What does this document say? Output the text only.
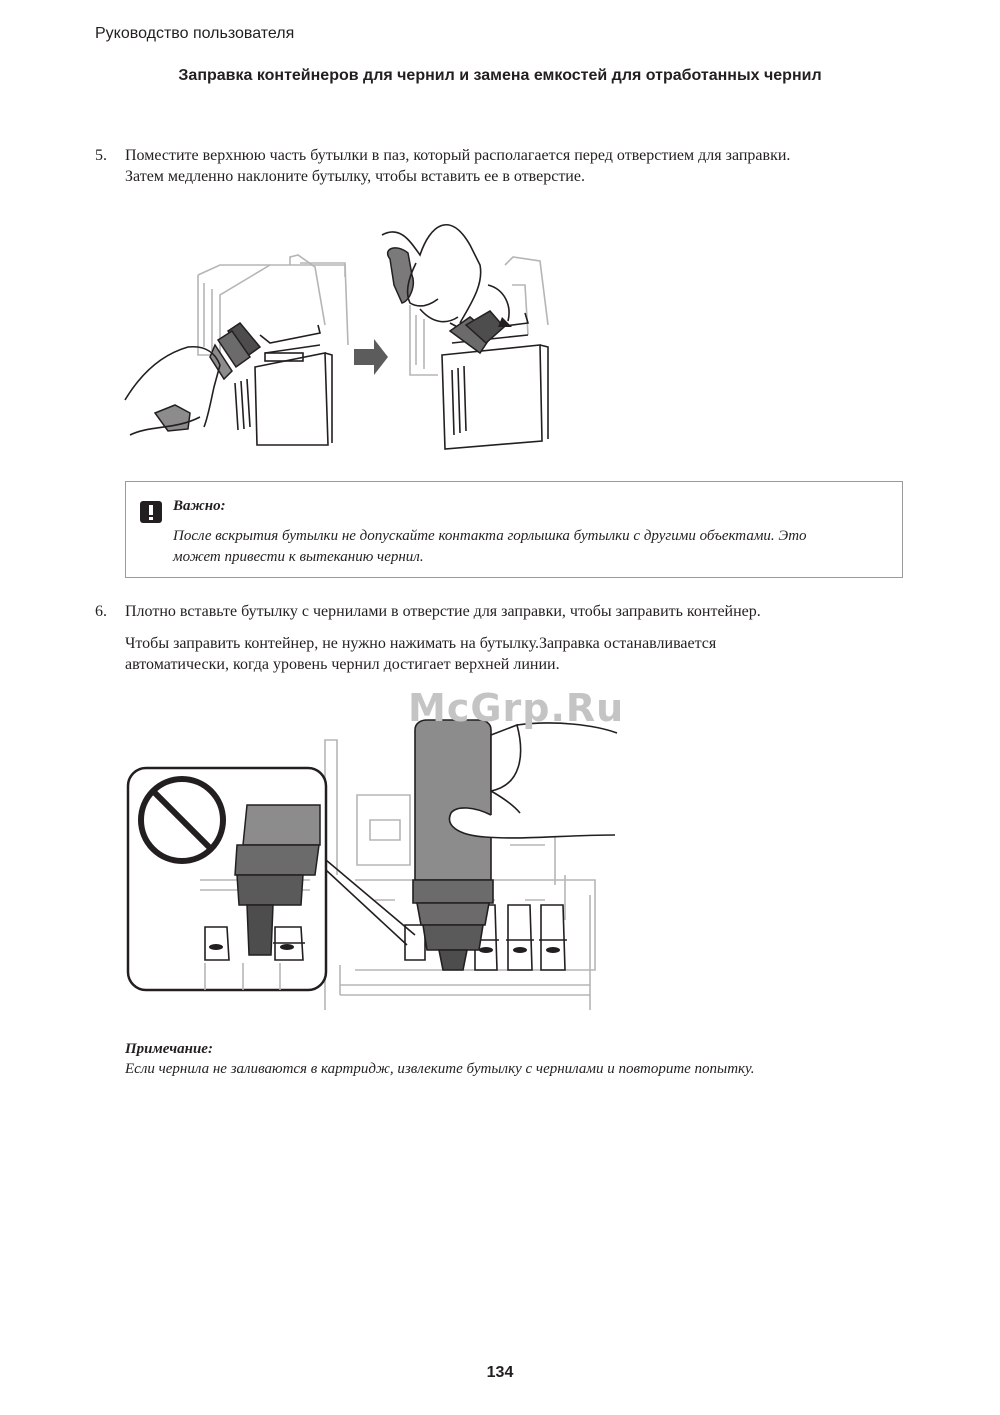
Руководство пользователя
Заправка контейнеров для чернил и замена емкостей для отработанных чернил
5. Поместите верхнюю часть бутылки в паз, который располагается перед отверстием для заправки.
Затем медленно наклоните бутылку, чтобы вставить ее в отверстие.
Важно:
После вскрытия бутылки не допускайте контакта горлышка бутылки с другими объектами. Это
может привести к вытеканию чернил.
6. Плотно вставьте бутылку с чернилами в отверстие для заправки, чтобы заправить контейнер.
Чтобы заправить контейнер, не нужно нажимать на бутылку.Заправка останавливается
автоматически, когда уровень чернил достигает верхней линии.
McGrp.Ru
Примечание:
Если чернила не заливаются в картридж, извлеките бутылку с чернилами и повторите попытку.
134
